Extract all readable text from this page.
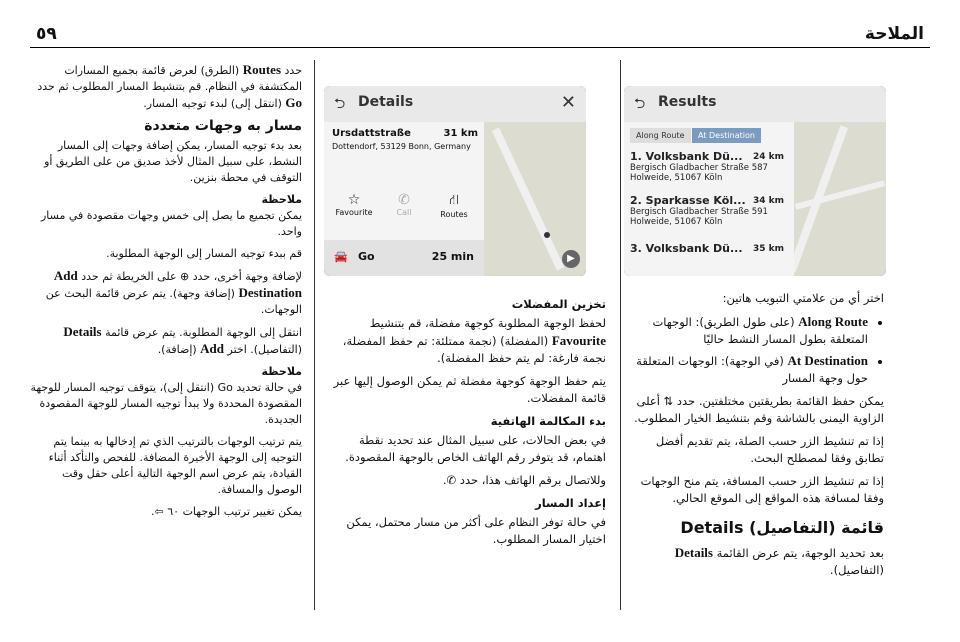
٥٩	الملاحة
⮌ Results
Along Route	At Destination
1. Volksbank Dü... 24 km

Bergisch Gladbacher Straße 587
Holweide, 51067 Köln
2. Sparkasse Köl... 34 km

Bergisch Gladbacher Straße 591
Holweide, 51067 Köln
3. Volksbank Dü... 35 km

اختر أي من علامتي التبويب هاتين:

• Along Route (على طول الطريق): الوجهات المتعلقة بطول المسار النشط حاليًا
• At Destination (في الوجهة): الوجهات المتعلقة حول وجهة المسار

يمكن حفظ القائمة بطريقتين مختلفتين. حدد ⇅ أعلى الزاوية اليمنى بالشاشة وقم بتنشيط الخيار المطلوب.

إذا تم تنشيط الزر حسب الصلة، يتم تقديم أفضل تطابق وفقا لمصطلح البحث.

إذا تم تنشيط الزر حسب المسافة، يتم منح الوجهات وفقا لمسافة هذه المواقع إلى الموقع الحالي.

قائمة (التفاصيل) Details

بعد تحديد الوجهة، يتم عرض القائمة Details (التفاصيل).

⮌ Details	✕
▶
Ursdattstraße	31 km
Dottendorf, 53129 Bonn, Germany
☆
Favourite
✆
Call
⛙
Routes
🚘 Go	25 min
تخزين المفضلات

لحفظ الوجهة المطلوبة كوجهة مفضلة، قم بتنشيط Favourite (المفضلة) (نجمة ممتلئة: تم حفظ المفضلة، نجمة فارغة: لم يتم حفظ المفضلة).

يتم حفظ الوجهة كوجهة مفضلة ثم يمكن الوصول إليها عبر قائمة المفضلات.

بدء المكالمة الهاتفية

في بعض الحالات، على سبيل المثال عند تحديد نقطة اهتمام، قد يتوفر رقم الهاتف الخاص بالوجهة المقصودة.

وللاتصال برقم الهاتف هذا، حدد ✆.

إعداد المسار

في حالة توفر النظام على أكثر من مسار محتمل، يمكن اختيار المسار المطلوب.

حدد Routes (الطرق) لعرض قائمة بجميع المسارات المكتشفة في النظام. قم بتنشيط المسار المطلوب ثم حدد Go (انتقل إلى) لبدء توجيه المسار.

مسار به وجهات متعددة

بعد بدء توجيه المسار، يمكن إضافة وجهات إلى المسار النشط، على سبيل المثال لأخذ صديق من على الطريق أو التوقف في محطة بنزين.

ملاحظة

يمكن تجميع ما يصل إلى خمس وجهات مقصودة في مسار واحد.

قم ببدء توجيه المسار إلى الوجهة المطلوبة.

لإضافة وجهة أخرى، حدد ⊕ على الخريطة ثم حدد Add Destination (إضافة وجهة). يتم عرض قائمة البحث عن الوجهات.

انتقل إلى الوجهة المطلوبة. يتم عرض قائمة Details (التفاصيل). اختر Add (إضافة).

ملاحظة

في حالة تحديد Go (انتقل إلى)، يتوقف توجيه المسار للوجهة المقصودة المحددة ولا يبدأ توجيه المسار للوجهة المقصودة الجديدة.

يتم ترتيب الوجهات بالترتيب الذي تم إدخالها به بينما يتم التوجيه إلى الوجهة الأخيرة المضافة. للفحص والتأكد أثناء القيادة، يتم عرض اسم الوجهة التالية أعلى حقل وقت الوصول والمسافة.

يمكن تغيير ترتيب الوجهات ٦٠ ⇦.
